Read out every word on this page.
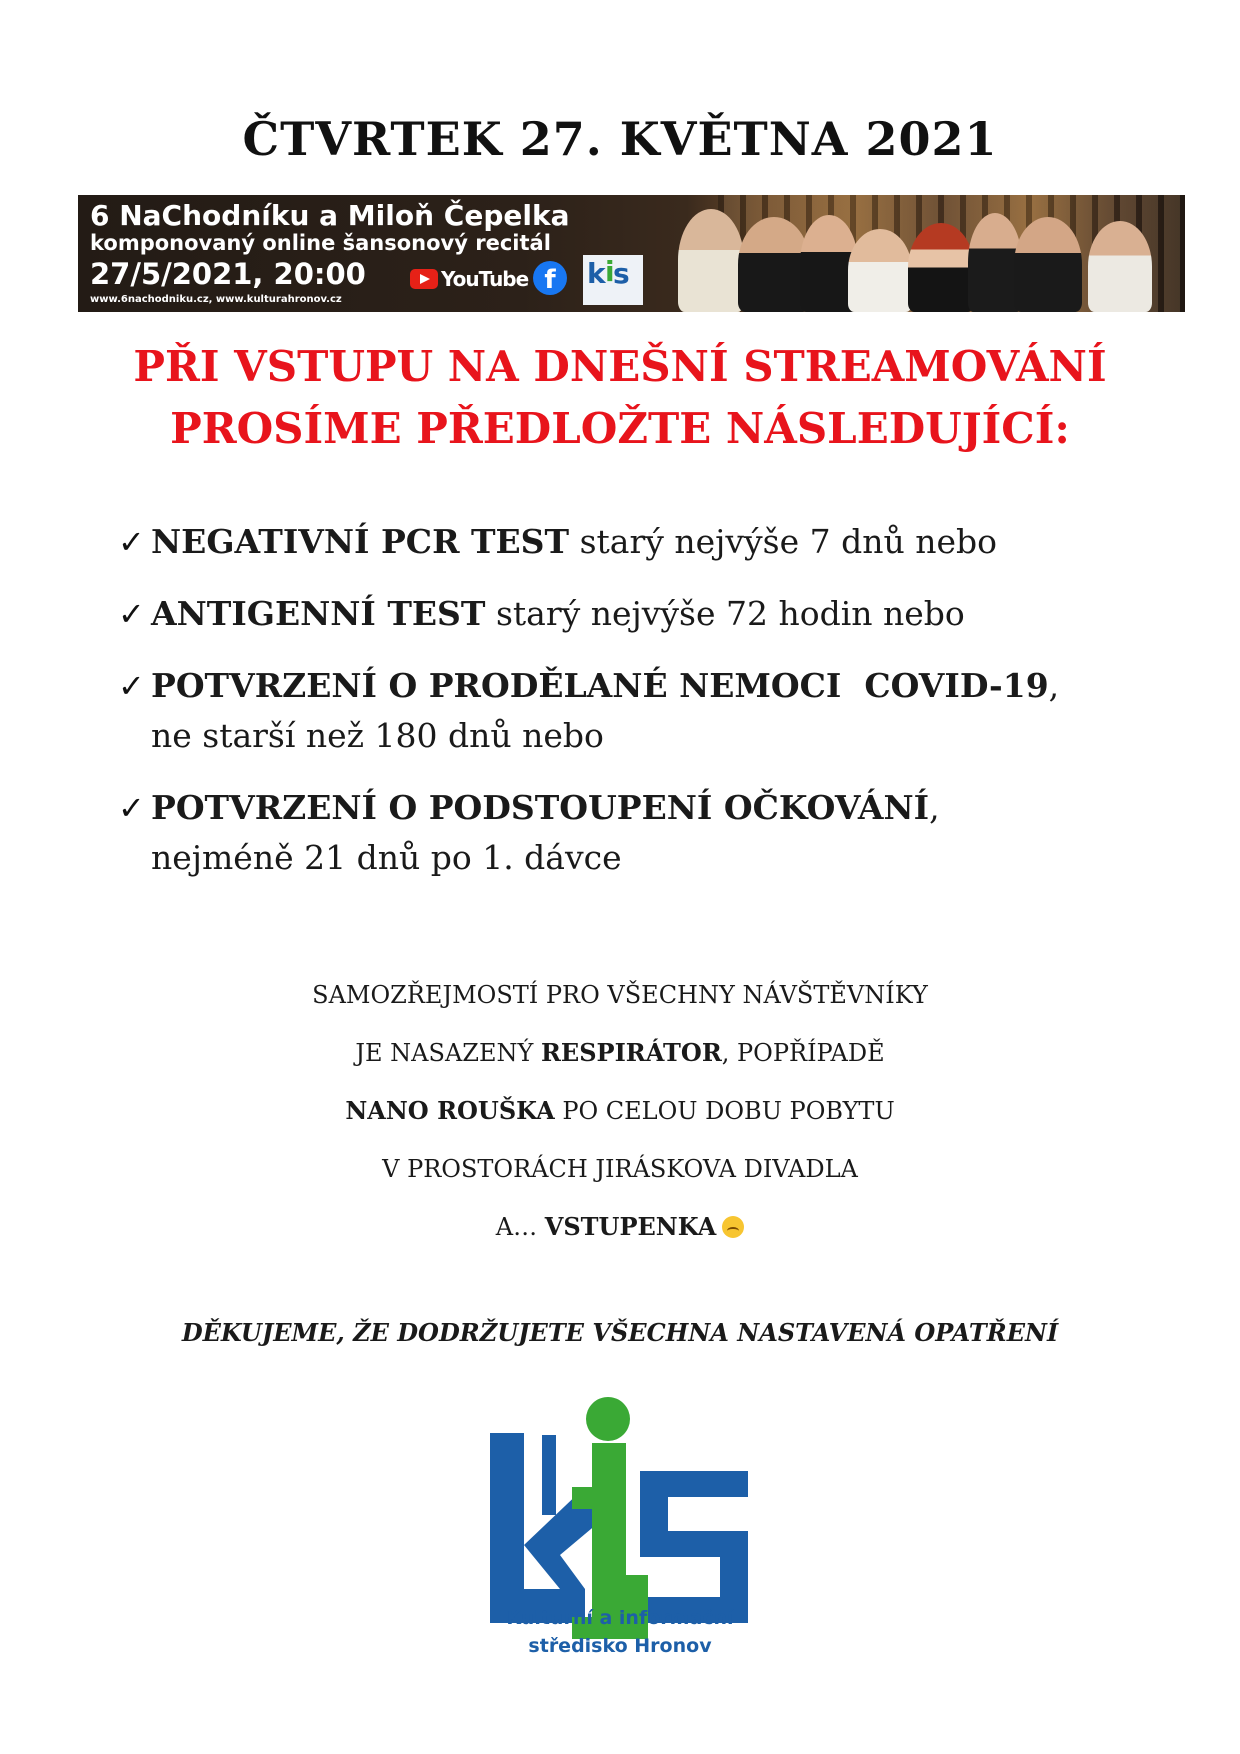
ČTVRTEK 27. KVĚTNA 2021
6 NaChodníku a Miloň Čepelka
komponovaný online šansonový recitál
27/5/2021, 20:00
www.6nachodniku.cz, www.kulturahronov.cz
YouTube f	k i
s
PŘI VSTUPU NA DNEŠNÍ STREAMOVÁNÍ
PROSÍME PŘEDLOŽTE NÁSLEDUJÍCÍ:
✓ NEGATIVNÍ PCR TEST starý nejvýše 7 dnů nebo
✓ ANTIGENNÍ TEST starý nejvýše 72 hodin nebo
✓ POTVRZENÍ O PRODĚLANÉ NEMOCI  COVID-19,
ne starší než 180 dnů nebo
✓ POTVRZENÍ O PODSTOUPENÍ OČKOVÁNÍ,
nejméně 21 dnů po 1. dávce
SAMOZŘEJMOSTÍ PRO VŠECHNY NÁVŠTĚVNÍKY
JE NASAZENÝ RESPIRÁTOR, POPŘÍPADĚ
NANO ROUŠKA PO CELOU DOBU POBYTU
V PROSTORÁCH JIRÁSKOVA DIVADLA
A… VSTUPENKA
DĚKUJEME, ŽE DODRŽUJETE VŠECHNA NASTAVENÁ OPATŘENÍ
Kulturní a informační
středisko Hronov
